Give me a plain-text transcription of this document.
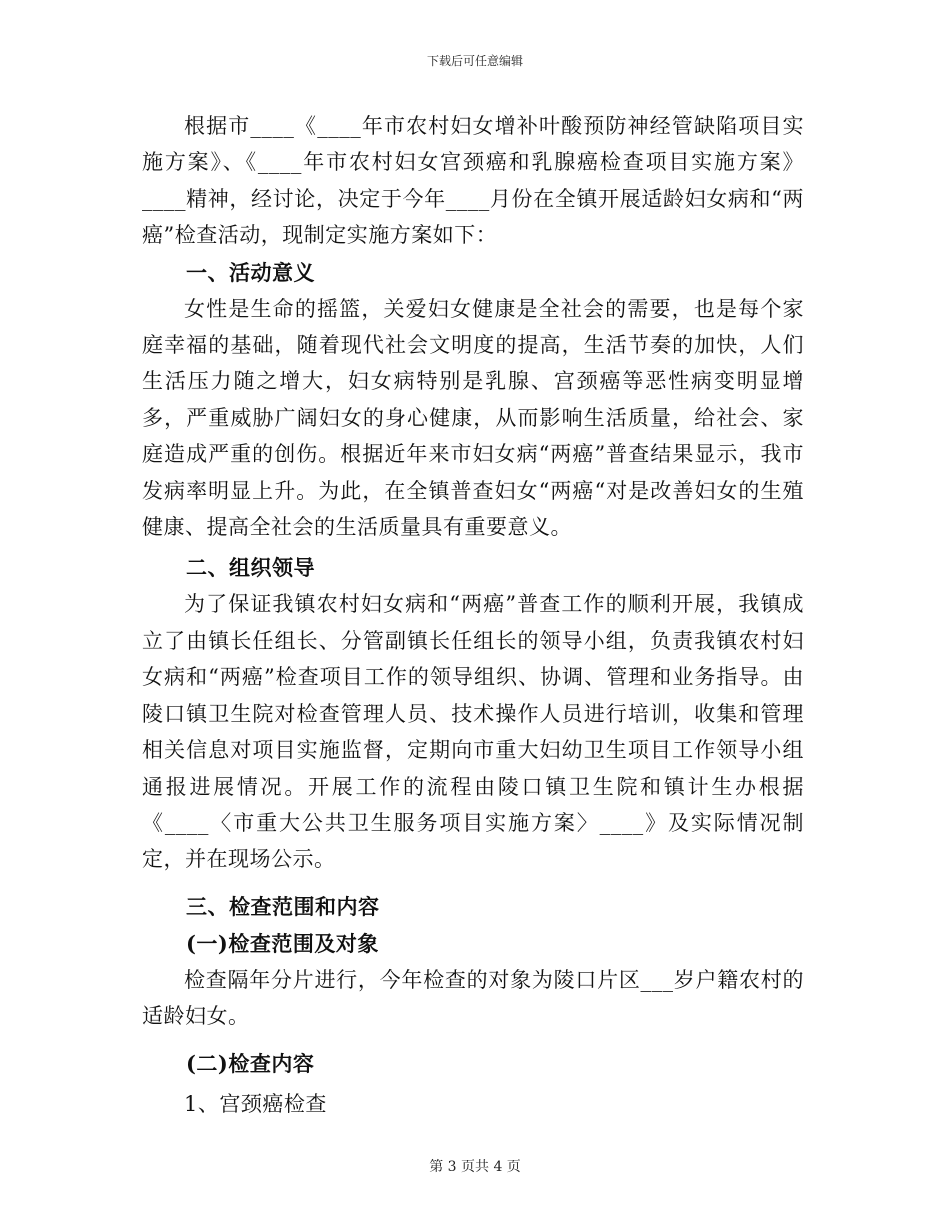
下载后可任意编辑

根据市____《____年市农村妇女增补叶酸预防神经管缺陷项目实施方案》、《____年市农村妇女宫颈癌和乳腺癌检查项目实施方案》____精神，经讨论，决定于今年____月份在全镇开展适龄妇女病和“两癌”检查活动，现制定实施方案如下：

一、活动意义

女性是生命的摇篮，关爱妇女健康是全社会的需要，也是每个家庭幸福的基础，随着现代社会文明度的提高，生活节奏的加快，人们生活压力随之增大，妇女病特别是乳腺、宫颈癌等恶性病变明显增多，严重威胁广阔妇女的身心健康，从而影响生活质量，给社会、家庭造成严重的创伤。根据近年来市妇女病“两癌”普查结果显示，我市发病率明显上升。为此，在全镇普查妇女“两癌“对是改善妇女的生殖健康、提高全社会的生活质量具有重要意义。

二、组织领导

为了保证我镇农村妇女病和“两癌”普查工作的顺利开展，我镇成立了由镇长任组长、分管副镇长任组长的领导小组，负责我镇农村妇女病和“两癌”检查项目工作的领导组织、协调、管理和业务指导。由陵口镇卫生院对检查管理人员、技术操作人员进行培训，收集和管理相关信息对项目实施监督，定期向市重大妇幼卫生项目工作领导小组通报进展情况。开展工作的流程由陵口镇卫生院和镇计生办根据《____〈市重大公共卫生服务项目实施方案〉____》及实际情况制定，并在现场公示。

三、检查范围和内容
(一)检查范围及对象

检查隔年分片进行，今年检查的对象为陵口片区___岁户籍农村的适龄妇女。

(二)检查内容

1、宫颈癌检查

第 3 页共 4 页
